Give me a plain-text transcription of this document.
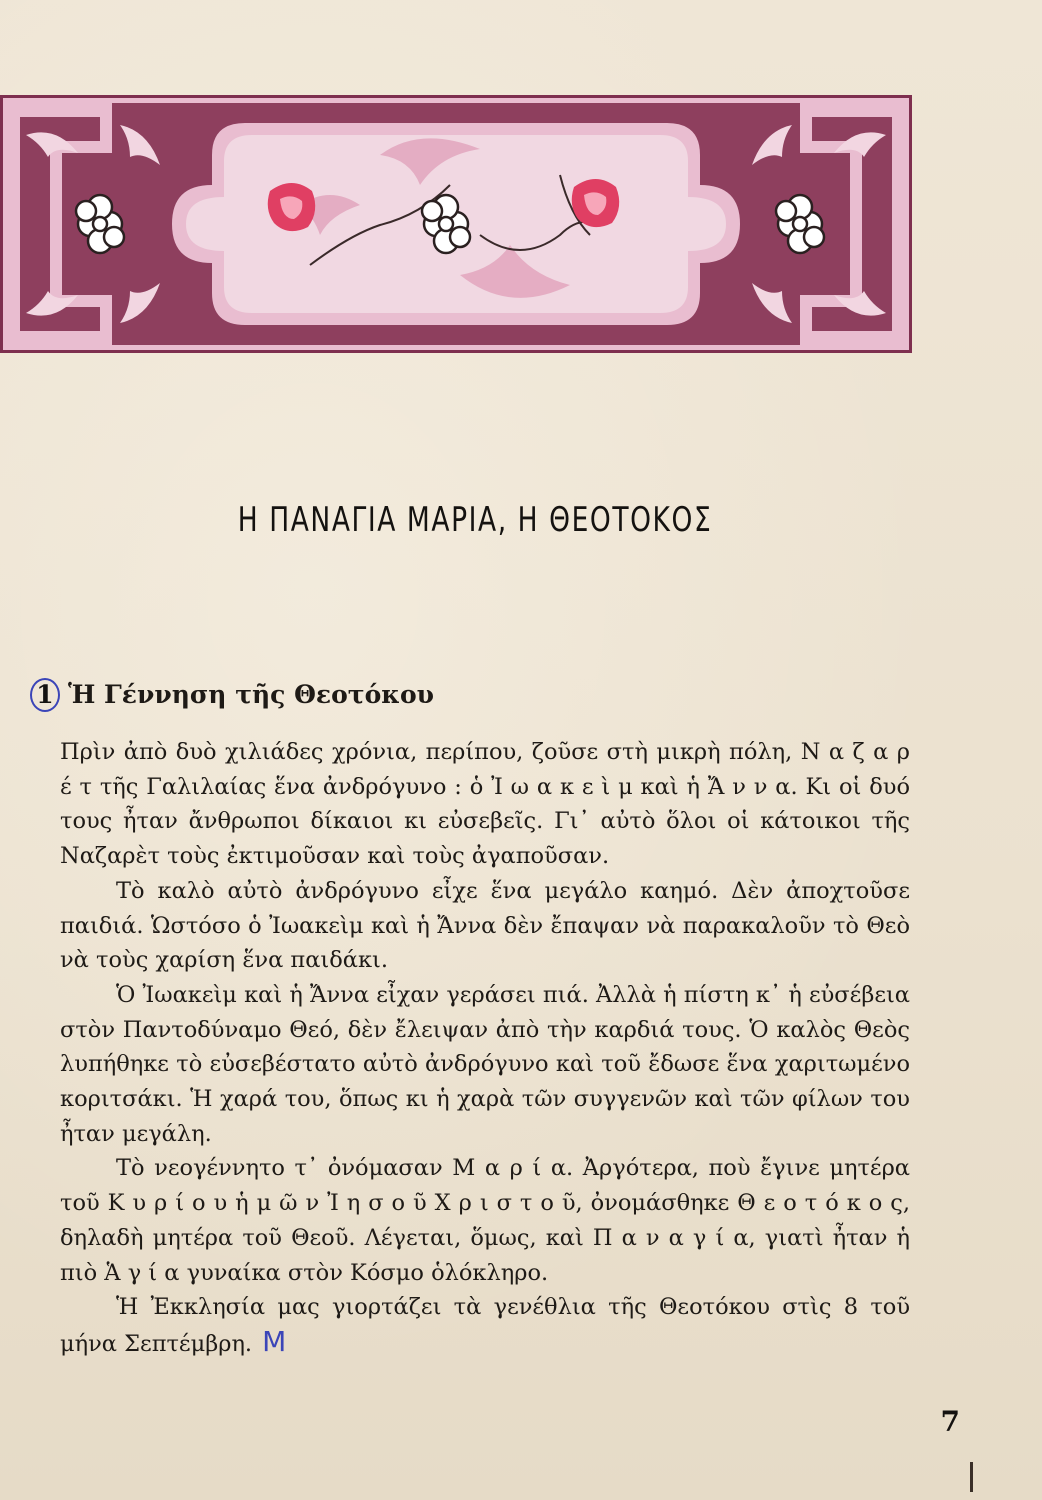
Η ΠΑΝΑΓΙΑ ΜΑΡΙΑ, Η ΘΕΟΤΟΚΟΣ
1 Ἡ Γέννηση τῆς Θεοτόκου

Πρὶν ἀπὸ δυὸ χιλιάδες χρόνια, περίπου, ζοῦσε στὴ μικρὴ πόλη, Ν α ζ α ρ έ τ τῆς Γαλιλαίας ἕνα ἀνδρόγυνο : ὁ Ἰ ω α κ ε ὶ μ καὶ ἡ Ἄ ν ν α. Κι οἱ δυό τους ἦταν ἄνθρωποι δίκαιοι κι εὐσεβεῖς. Γι᾽ αὐτὸ ὅλοι οἱ κάτοικοι τῆς Ναζαρὲτ τοὺς ἐκτιμοῦσαν καὶ τοὺς ἀγαποῦσαν.

Τὸ καλὸ αὐτὸ ἀνδρόγυνο εἶχε ἕνα μεγάλο καημό. Δὲν ἀποχτοῦσε παιδιά. Ὡστόσο ὁ Ἰωακεὶμ καὶ ἡ Ἄννα δὲν ἔπαψαν νὰ παρακαλοῦν τὸ Θεὸ νὰ τοὺς χαρίση ἕνα παιδάκι.

Ὁ Ἰωακεὶμ καὶ ἡ Ἄννα εἶχαν γεράσει πιά. Ἀλλὰ ἡ πίστη κ᾽ ἡ εὐσέβεια στὸν Παντοδύναμο Θεό, δὲν ἔλειψαν ἀπὸ τὴν καρδιά τους. Ὁ καλὸς Θεὸς λυπήθηκε τὸ εὐσεβέστατο αὐτὸ ἀνδρόγυνο καὶ τοῦ ἔδωσε ἕνα χαριτωμένο κοριτσάκι. Ἡ χαρά του, ὅπως κι ἡ χαρὰ τῶν συγγενῶν καὶ τῶν φίλων του ἦταν μεγάλη.

Τὸ νεογέννητο τ᾽ ὀνόμασαν Μ α ρ ί α. Ἀργότερα, ποὺ ἔγινε μητέρα τοῦ Κ υ ρ ί ο υ ἡ μ ῶ ν Ἰ η σ ο ῦ Χ ρ ι σ τ ο ῦ, ὀνομάσθηκε Θ ε ο τ ό κ ο ς, δηλαδὴ μητέρα τοῦ Θεοῦ. Λέγεται, ὅμως, καὶ Π α ν α γ ί α, γιατὶ ἦταν ἡ πιὸ Ἁ γ ί α γυναίκα στὸν Κόσμο ὁλόκληρο.

Ἡ Ἐκκλησία μας γιορτάζει τὰ γενέθλια τῆς Θεοτόκου στὶς 8 τοῦ μήνα Σεπτέμβρη. Μ

7
